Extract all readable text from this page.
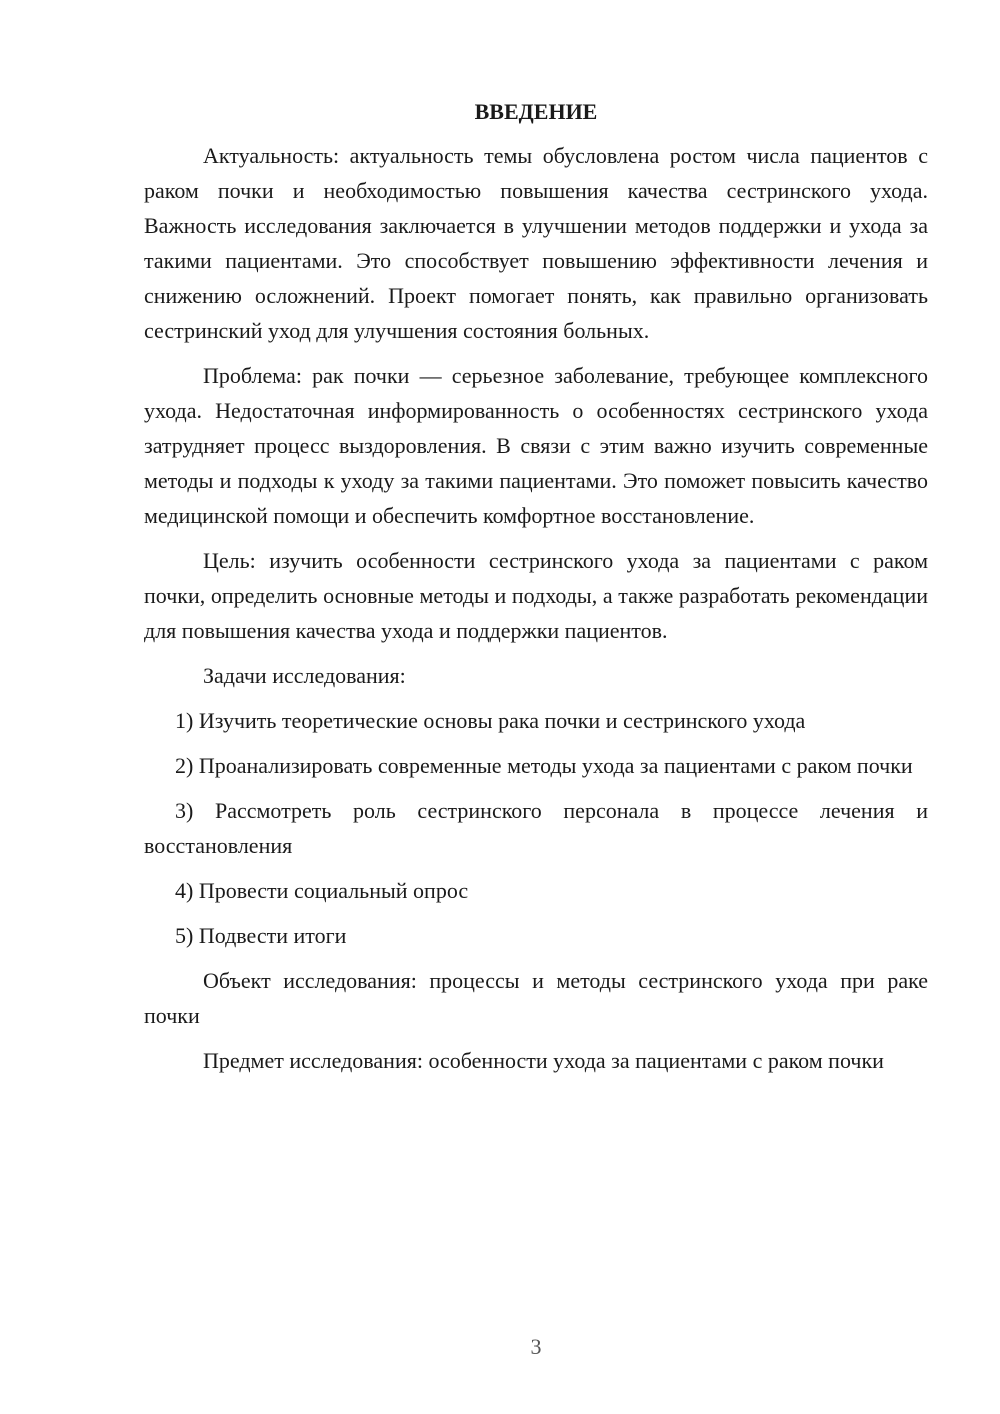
ВВЕДЕНИЕ

Актуальность: актуальность темы обусловлена ростом числа пациентов с раком почки и необходимостью повышения качества сестринского ухода. Важность исследования заключается в улучшении методов поддержки и ухода за такими пациентами. Это способствует повышению эффективности лечения и снижению осложнений. Проект помогает понять, как правильно организовать сестринский уход для улучшения состояния больных.

Проблема: рак почки — серьезное заболевание, требующее комплексного ухода. Недостаточная информированность о особенностях сестринского ухода затрудняет процесс выздоровления. В связи с этим важно изучить современные методы и подходы к уходу за такими пациентами. Это поможет повысить качество медицинской помощи и обеспечить комфортное восстановление.

Цель: изучить особенности сестринского ухода за пациентами с раком почки, определить основные методы и подходы, а также разработать рекомендации для повышения качества ухода и поддержки пациентов.

Задачи исследования:

1) Изучить теоретические основы рака почки и сестринского ухода

2) Проанализировать современные методы ухода за пациентами с раком почки

3) Рассмотреть роль сестринского персонала в процессе лечения и восстановления

4) Провести социальный опрос

5) Подвести итоги

Объект исследования: процессы и методы сестринского ухода при раке почки

Предмет исследования: особенности ухода за пациентами с раком почки

3
